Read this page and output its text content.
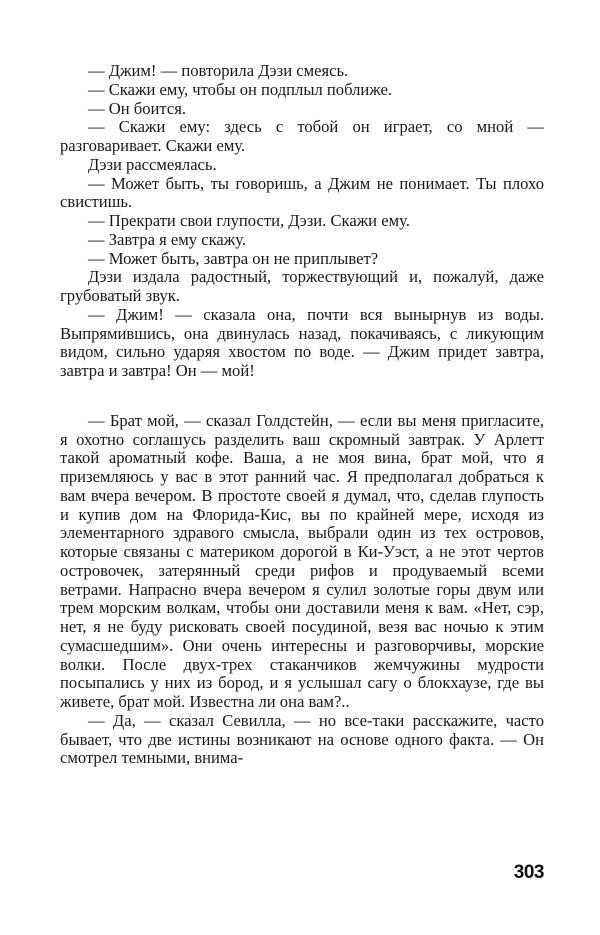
— Джим! — повторила Дэзи смеясь.

— Скажи ему, чтобы он подплыл поближе.

— Он боится.

— Скажи ему: здесь с тобой он играет, со мной — разговаривает. Скажи ему.

Дэзи рассмеялась.

— Может быть, ты говоришь, а Джим не понимает. Ты плохо свистишь.

— Прекрати свои глупости, Дэзи. Скажи ему.

— Завтра я ему скажу.

— Может быть, завтра он не приплывет?

Дэзи издала радостный, торжествующий и, пожалуй, даже грубоватый звук.

— Джим! — сказала она, почти вся вынырнув из воды. Выпрямившись, она двинулась назад, покачиваясь, с ликующим видом, сильно ударяя хвостом по воде. — Джим придет завтра, завтра и завтра! Он — мой!

— Брат мой, — сказал Голдстейн, — если вы меня пригласите, я охотно соглашусь разделить ваш скромный завтрак. У Арлетт такой ароматный кофе. Ваша, а не моя вина, брат мой, что я приземляюсь у вас в этот ранний час. Я предполагал добраться к вам вчера вечером. В простоте своей я думал, что, сделав глупость и купив дом на Флорида-Кис, вы по крайней мере, исходя из элементарного здравого смысла, выбрали один из тех островов, которые связаны с материком дорогой в Ки-Уэст, а не этот чертов островочек, затерянный среди рифов и продуваемый всеми ветрами. Напрасно вчера вечером я сулил золотые горы двум или трем морским волкам, чтобы они доставили меня к вам. «Нет, сэр, нет, я не буду рисковать своей посудиной, везя вас ночью к этим сумасшедшим». Они очень интересны и разговорчивы, морские волки. После двух-трех стаканчиков жемчужины мудрости посыпались у них из бород, и я услышал сагу о блокхаузе, где вы живете, брат мой. Известна ли она вам?..

— Да, — сказал Севилла, — но все-таки расскажите, часто бывает, что две истины возникают на основе одного факта. — Он смотрел темными, внима-

303
